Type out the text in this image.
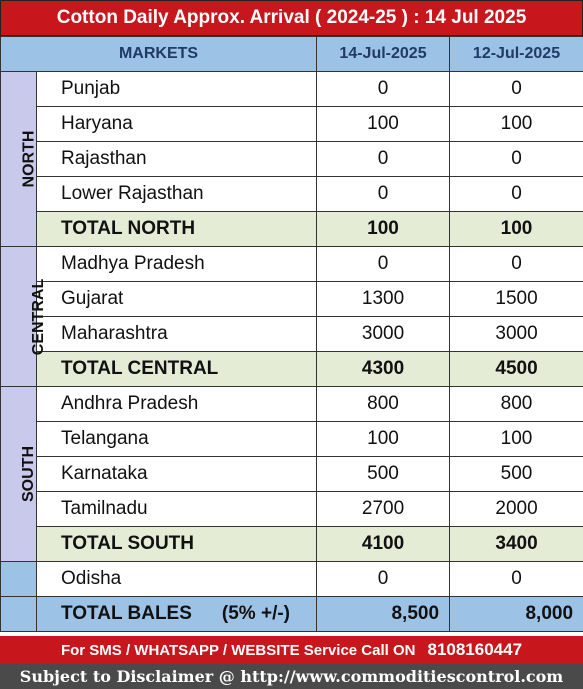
Cotton Daily Approx. Arrival ( 2024-25 ) : 14 Jul 2025
MARKETS		14-Jul-2025	12-Jul-2025
NORTH	Punjab	0	0
	Haryana	100	100
	Rajasthan	0	0
	Lower Rajasthan	0	0
	TOTAL NORTH	100	100
CENTRAL	Madhya Pradesh	0	0
	Gujarat	1300	1500
	Maharashtra	3000	3000
	TOTAL CENTRAL	4300	4500
SOUTH	Andhra Pradesh	800	800
	Telangana	100	100
	Karnataka	500	500
	Tamilnadu	2700	2000
	TOTAL SOUTH	4100	3400
	Odisha	0	0
	TOTAL BALES (5% +/-)	8,500	8,000
For SMS / WHATSAPP / WEBSITE Service Call ON 8108160447
Subject to Disclaimer @ http://www.commoditiescontrol.com
